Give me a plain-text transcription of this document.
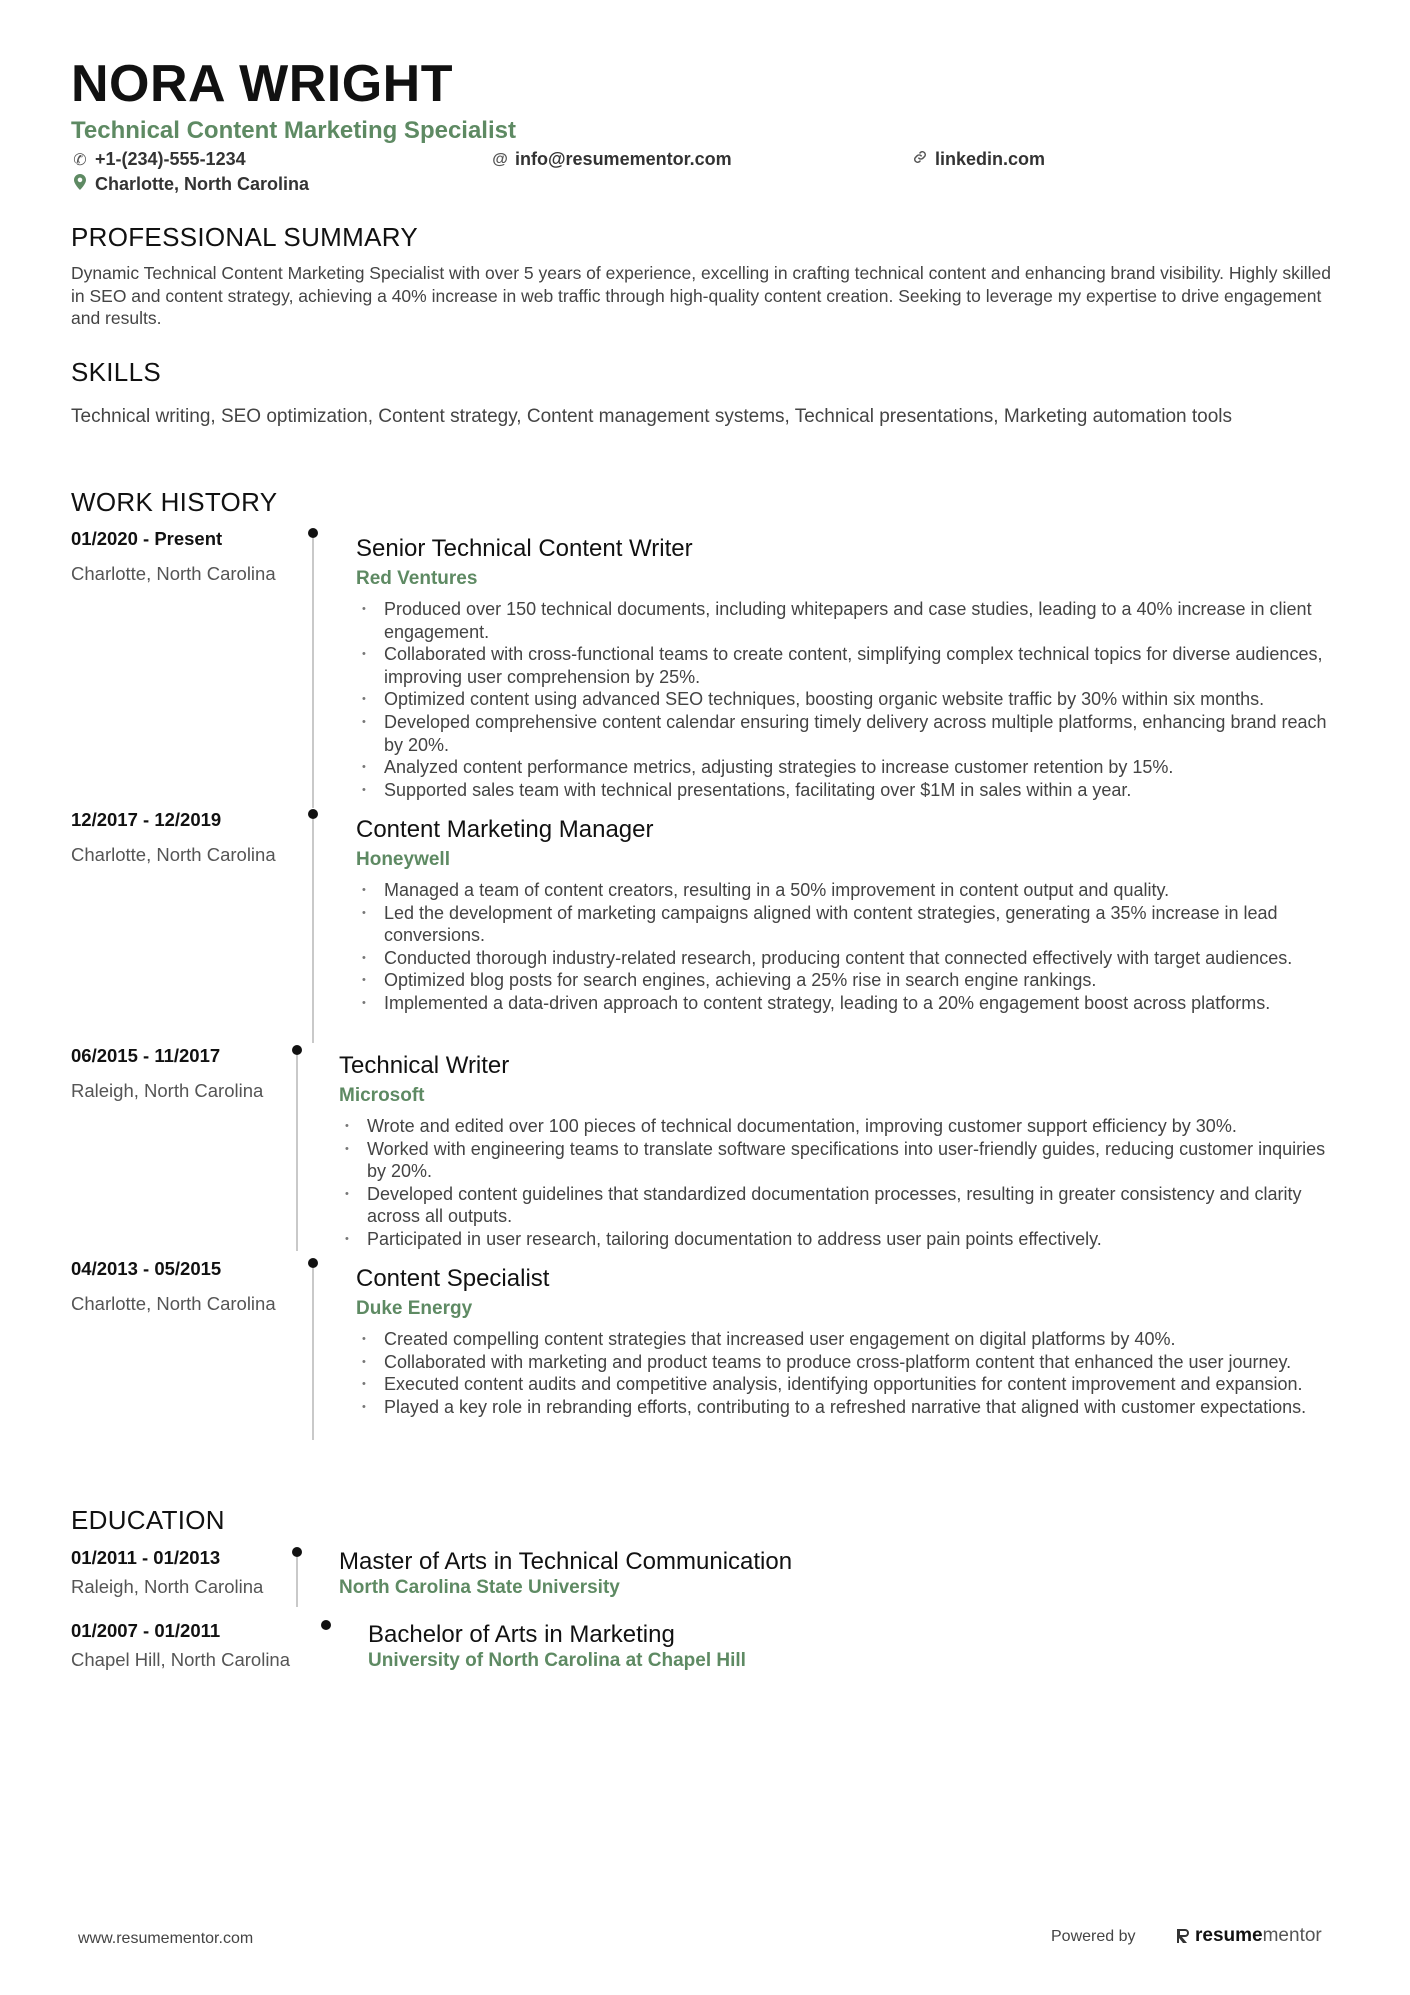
NORA WRIGHT
Technical Content Marketing Specialist
✆ +1-(234)-555-1234	@ info@resumementor.com	linkedin.com
Charlotte, North Carolina
PROFESSIONAL SUMMARY

Dynamic Technical Content Marketing Specialist with over 5 years of experience, excelling in crafting technical content and enhancing brand visibility. Highly skilled in SEO and content strategy, achieving a 40% increase in web traffic through high-quality content creation. Seeking to leverage my expertise to drive engagement and results.

SKILLS

Technical writing, SEO optimization, Content strategy, Content management systems, Technical presentations, Marketing automation tools

WORK HISTORY
01/2020 - Present
Charlotte, North Carolina
Senior Technical Content Writer
Red Ventures
• Produced over 150 technical documents, including whitepapers and case studies, leading to a 40% increase in client engagement.
• Collaborated with cross-functional teams to create content, simplifying complex technical topics for diverse audiences, improving user comprehension by 25%.
• Optimized content using advanced SEO techniques, boosting organic website traffic by 30% within six months.
• Developed comprehensive content calendar ensuring timely delivery across multiple platforms, enhancing brand reach by 20%.
• Analyzed content performance metrics, adjusting strategies to increase customer retention by 15%.
• Supported sales team with technical presentations, facilitating over $1M in sales within a year.
12/2017 - 12/2019
Charlotte, North Carolina
Content Marketing Manager
Honeywell
• Managed a team of content creators, resulting in a 50% improvement in content output and quality.
• Led the development of marketing campaigns aligned with content strategies, generating a 35% increase in lead conversions.
• Conducted thorough industry-related research, producing content that connected effectively with target audiences.
• Optimized blog posts for search engines, achieving a 25% rise in search engine rankings.
• Implemented a data-driven approach to content strategy, leading to a 20% engagement boost across platforms.
06/2015 - 11/2017
Raleigh, North Carolina
Technical Writer
Microsoft
• Wrote and edited over 100 pieces of technical documentation, improving customer support efficiency by 30%.
• Worked with engineering teams to translate software specifications into user-friendly guides, reducing customer inquiries by 20%.
• Developed content guidelines that standardized documentation processes, resulting in greater consistency and clarity across all outputs.
• Participated in user research, tailoring documentation to address user pain points effectively.
04/2013 - 05/2015
Charlotte, North Carolina
Content Specialist
Duke Energy
• Created compelling content strategies that increased user engagement on digital platforms by 40%.
• Collaborated with marketing and product teams to produce cross-platform content that enhanced the user journey.
• Executed content audits and competitive analysis, identifying opportunities for content improvement and expansion.
• Played a key role in rebranding efforts, contributing to a refreshed narrative that aligned with customer expectations.
EDUCATION
01/2011 - 01/2013
Raleigh, North Carolina
Master of Arts in Technical Communication
North Carolina State University
01/2007 - 01/2011
Chapel Hill, North Carolina
Bachelor of Arts in Marketing
University of North Carolina at Chapel Hill
www.resumementor.com	Powered by	resume mentor
